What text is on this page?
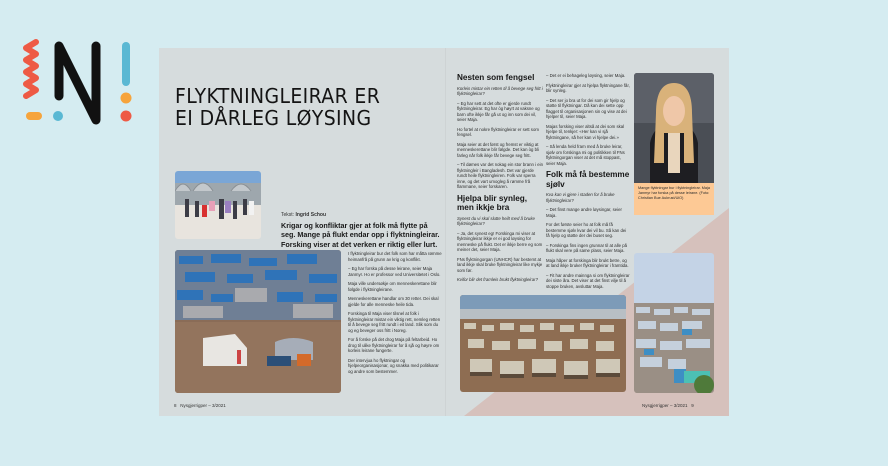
FLYKTNINGLEIRAR ER
EI DÅRLEG LØYSING
Tekst: Ingrid Schou
Krigar og konfliktar gjer at folk må flytte på seg. Mange på flukt endar opp i flyktningleirar. Forsking viser at det verken er riktig eller lurt.

I flyktningleirar bur det folk som har måtta rømme heimanfrå på grunn av krig og konflikt.

– Eg har forska på desse leirane, seier Maja Janmyr. Ho er professor ved Universitetet i Oslo.

Maja ville undersøkje om menneskerettane blir følgde i flyktningleirane.

Menneskerettane handlar om 30 retter. Dei skal gjelde for alle menneske heile tida.

Forskinga til Maja viser tilsnel at folk i flyktningleirar mistar ein viktig rett, nemleg retten til å bevege seg fritt rundt i eit land. Slik som du og eg beveger oss fritt i Noreg.

For å forske på det drog Maja på feltarbeid. Ho drog til ulike flyktningleirar for å sjå og høyre om korleis leirane fungerte.

Der intervjua ho flyktningar og hjelpeorganisasjonar, og snakka med politikarar og andre som bestemmer.

8   Nysgjerrigper – 3/2021
Nesten som fengsel

Korleis mistar ein retten til å bevege seg fritt i flyktningleirar?

– Eg har sett at det ofte er gjerde rundt flyktningleirar. Eg har òg høyrt at vaksne og barn ofte ikkje får gå ut og inn som dei vil, seier Maja.

Ho fortel at nokre flyktningleirar er sett som fengsel.

Maja seier at det først og fremst er viktig at menneskerettane blir følgde. Det kan òg bli farleg når folk ikkje får bevege seg fritt.

– Til dømes var det nokag ein stor brann i ein flyktningleir i Bangladesh. Det var gjerde rundt heile flyktningleiren. Folk var sperra inne, og det vart umogleg å rømme frå flammane, seier forskaren.

Hjelpa blir synleg, men ikkje bra

Synest du vi skal slutte heilt med å bruke flyktningleirar?

– Ja, det synest eg! Forskinga mi viser at flyktningleirar ikkje er ei god løysing for menneske på flukt. Det er ikkje berre eg som meiner det, seier Maja.

FNs flyktningorgan (UNHCR) har bestemt at land ikkje skal bruke flyktningleirar like mykje som før.

Kvifor blir det framleis brukt flyktningleirar?

– Det er ei behageleg løysing, seier Maja.

Flyktningleirar gjer at hjelpa flyktningane får, blir synleg.

– Det ser jo bra ut for dei som gir hjelp og støtte til flyktningar. Då kan dei sette opp flagget til organisasjonen sin og vise at dei hjelper til, seier Maja.

Majas forsking viser altså at dei som skal hjelpe til, tenkjer: «Her kan vi sjå flyktningane, så her kan vi hjelpe dei.»

– Så lenda held fram med å bruke leirar, sjølv om forskinga mi og politikken til FNs flyktningorgan viser at det må stoppast, seier Maja.

Folk må få bestemme sjølv

Kva kan vi gjere i staden for å bruke flyktningleirar?

– Det finst mange andre løysingar, seier Maja.

For det første seier ho at folk må få bestemme sjølv kvar dei vil bu. Så kan dei få hjelp og støtte der dei buset seg.

– Forskinga fins ingen grunnar til at alle på flukt skal vere på same plass, seier Maja.

Maja håper at forskinga blir brukt betre, og at land ikkje bruker flyktningleirar i framtida.

– Fit har andre mainnga si om flyktningleirar dei siste åra. Det viser at det finst vilje til å stoppe bruken, avsluttar Maja.

Mange flyktningar bur i flyktningleirar. Maja Janmyr har forska på desse leirane. (Foto: Christian Bue Aukrust/UiO)
Nysgjerrigper – 3/2021   9
